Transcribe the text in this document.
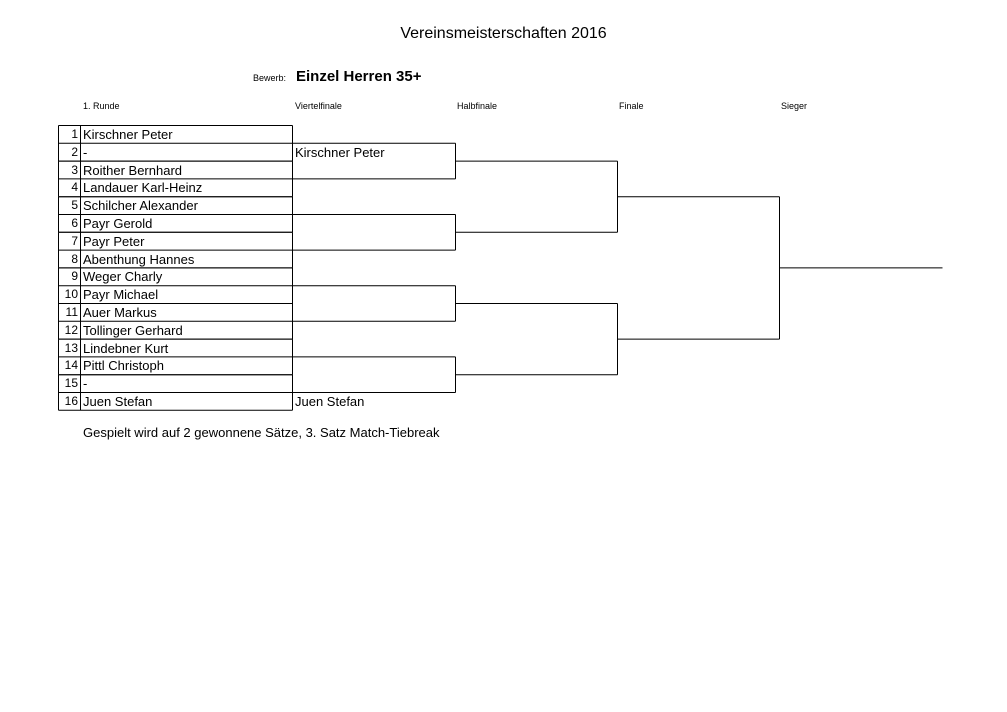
Vereinsmeisterschaften 2016
Bewerb: Einzel Herren 35+
1. Runde	Viertelfinale	Halbfinale	Finale	Sieger
1 Kirschner Peter
2 -
3 Roither Bernhard
4 Landauer Karl-Heinz
5 Schilcher Alexander
6 Payr Gerold
7 Payr Peter
8 Abenthung Hannes
9 Weger Charly
10 Payr Michael
11 Auer Markus
12 Tollinger Gerhard
13 Lindebner Kurt
14 Pittl Christoph
15 -
16 Juen Stefan
Kirschner Peter
Juen Stefan
Gespielt wird auf 2 gewonnene Sätze, 3. Satz Match-Tiebreak
